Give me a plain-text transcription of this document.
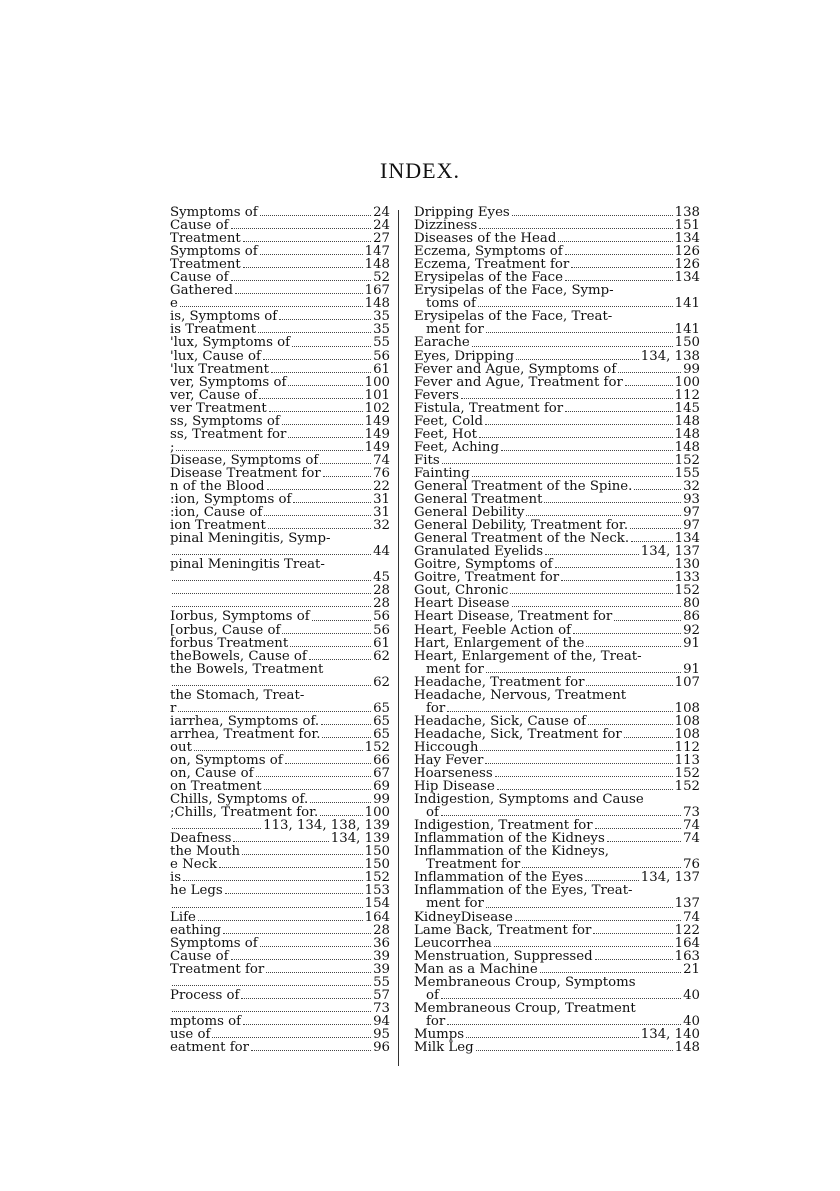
INDEX.
Symptoms of	24
Cause of	24
Treatment	27
Symptoms of	147
Treatment	148
Cause of	52
Gathered	167
e	148
is, Symptoms of	35
is Treatment	35
'lux, Symptoms of	55
'lux, Cause of	56
'lux Treatment	61
ver, Symptoms of	100
ver, Cause of	101
ver Treatment	102
ss, Symptoms of	149
ss, Treatment for	149
;	149
Disease, Symptoms of	74
Disease Treatment for	76
n of the Blood	22
:ion, Symptoms of	31
:ion, Cause of	31
ion Treatment	32
pinal Meningitis, Symp-
44
pinal Meningitis Treat-
45
28
28
Iorbus, Symptoms of	56
[orbus, Cause of	56
forbus Treatment	61
theBowels, Cause of	62
the Bowels, Treatment
62
the Stomach, Treat-
r	65
iarrhea, Symptoms of.	65
arrhea, Treatment for.	65
out	152
on, Symptoms of	66
on, Cause of	67
on Treatment	69
Chills, Symptoms of.	99
;Chills, Treatment for.	100
113, 134, 138, 139
Deafness	134, 139
the Mouth	150
e Neck	150
is	152
he Legs	153
154
Life	164
eathing	28
Symptoms of	36
Cause of	39
Treatment for	39
55
Process of	57
73
mptoms of	94
use of	95
eatment for	96
Dripping Eyes	138
Dizziness	151
Diseases of the Head	134
Eczema, Symptoms of	126
Eczema, Treatment for	126
Erysipelas of the Face	134
Erysipelas of the Face, Symp-
toms of	141
Erysipelas of the Face, Treat-
ment for	141
Earache	150
Eyes, Dripping	134, 138
Fever and Ague, Symptoms of	99
Fever and Ague, Treatment for	100
Fevers	112
Fistula, Treatment for	145
Feet, Cold	148
Feet, Hot	148
Feet, Aching	148
Fits	152
Fainting	155
General Treatment of the Spine.	32
General Treatment	93
General Debility	97
General Debility, Treatment for.	97
General Treatment of the Neck.	134
Granulated Eyelids	134, 137
Goitre, Symptoms of	130
Goitre, Treatment for	133
Gout, Chronic	152
Heart Disease	80
Heart Disease, Treatment for	86
Heart, Feeble Action of	92
Hart, Enlargement of the	91
Heart, Enlargement of the, Treat-
ment for	91
Headache, Treatment for	107
Headache, Nervous, Treatment
for	108
Headache, Sick, Cause of	108
Headache, Sick, Treatment for	108
Hiccough	112
Hay Fever	113
Hoarseness	152
Hip Disease	152
Indigestion, Symptoms and Cause
of	73
Indigestion, Treatment for	74
Inflammation of the Kidneys	74
Inflammation of the Kidneys,
Treatment for	76
Inflammation of the Eyes	134, 137
Inflammation of the Eyes, Treat-
ment for	137
KidneyDisease	74
Lame Back, Treatment for	122
Leucorrhea	164
Menstruation, Suppressed	163
Man as a Machine	21
Membraneous Croup, Symptoms
of	40
Membraneous Croup, Treatment
for	40
Mumps	134, 140
Milk Leg	148
